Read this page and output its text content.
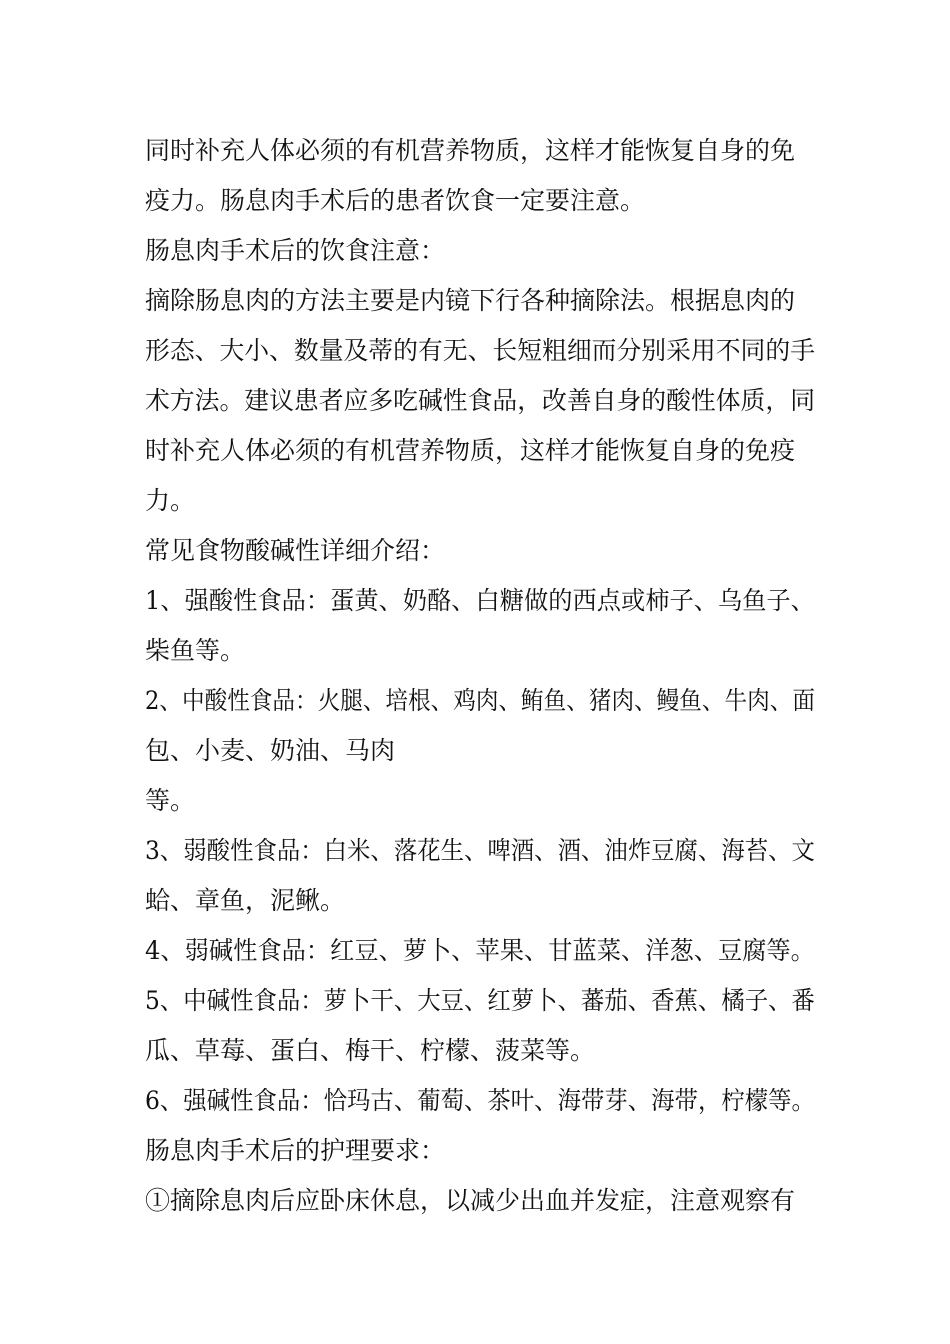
同时补充人体必须的有机营养物质，这样才能恢复自身的免
疫力。肠息肉手术后的患者饮食一定要注意。
肠息肉手术后的饮食注意：
摘除肠息肉的方法主要是内镜下行各种摘除法。根据息肉的
形态、大小、数量及蒂的有无、长短粗细而分别采用不同的手
术方法。建议患者应多吃碱性食品，改善自身的酸性体质，同
时补充人体必须的有机营养物质，这样才能恢复自身的免疫
力。
常见食物酸碱性详细介绍：
1、强酸性食品：蛋黄、奶酪、白糖做的西点或柿子、乌鱼子、
柴鱼等。
2、中酸性食品：火腿、培根、鸡肉、鲔鱼、猪肉、鳗鱼、牛肉、面
包、小麦、奶油、马肉
等。
3、弱酸性食品：白米、落花生、啤酒、酒、油炸豆腐、海苔、文
蛤、章鱼，泥鳅。
4、弱碱性食品：红豆、萝卜、苹果、甘蓝菜、洋葱、豆腐等。
5、中碱性食品：萝卜干、大豆、红萝卜、蕃茄、香蕉、橘子、番
瓜、草莓、蛋白、梅干、柠檬、菠菜等。
6、强碱性食品：恰玛古、葡萄、茶叶、海带芽、海带，柠檬等。
肠息肉手术后的护理要求：
①摘除息肉后应卧床休息，以减少出血并发症，注意观察有
